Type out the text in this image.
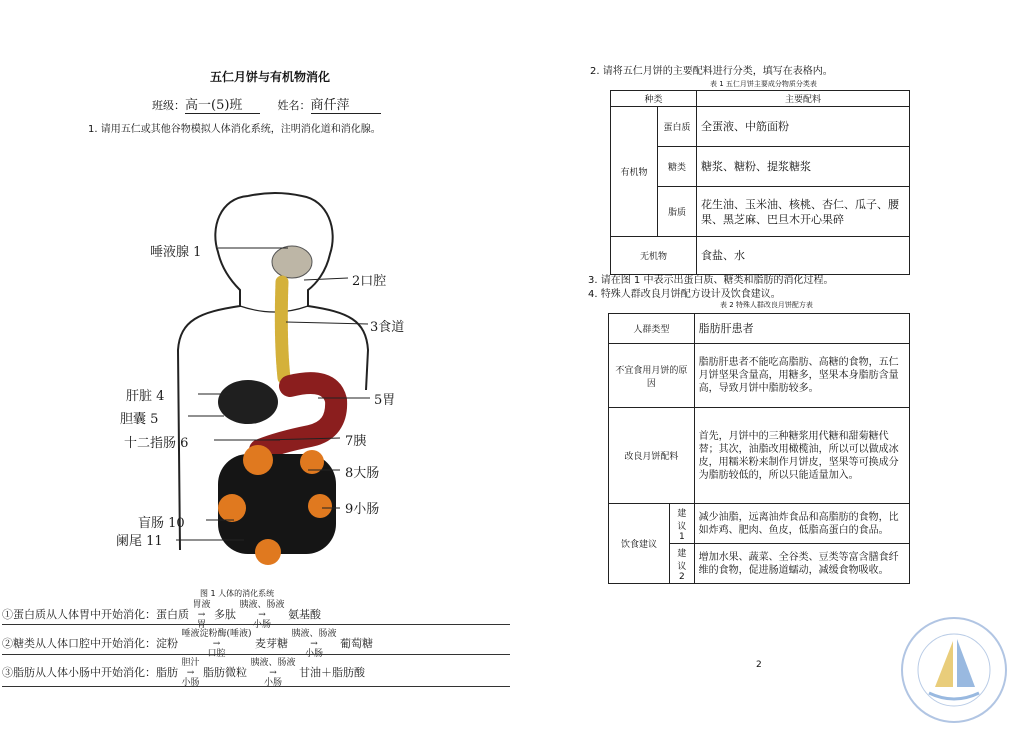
五仁月饼与有机物消化
班级：高一(5)班	姓名：商仟萍
1. 请用五仁或其他谷物模拟人体消化系统，注明消化道和消化腺。
唾液腺 1
2口腔
3食道
肝脏 4
胆囊 5
十二指肠 6
5胃
7胰
8大肠
9小肠
盲肠 10
阑尾 11
图 1 人体的消化系统
①蛋白质从人体胃中开始消化：蛋白质 胃液
→
胃 多肽 胰液、肠液
→
小肠 氨基酸
②糖类从人体口腔中开始消化：淀粉 唾液淀粉酶(唾液)
→
口腔 麦芽糖 胰液、肠液
→
小肠 葡萄糖
③脂肪从人体小肠中开始消化：脂肪 胆汁
→
小肠 脂肪微粒 胰液、肠液
→
小肠 甘油＋脂肪酸
2. 请将五仁月饼的主要配料进行分类，填写在表格内。
表 1 五仁月饼主要成分物质分类表
种类		主要配料
有机物	蛋白质	全蛋液、中筋面粉
	糖类	糖浆、糖粉、提浆糖浆
	脂质	花生油、玉米油、核桃、杏仁、瓜子、腰果、黑芝麻、巴旦木开心果碎
无机物		食盐、水
3. 请在图 1 中表示出蛋白质、糖类和脂肪的消化过程。
4. 特殊人群改良月饼配方设计及饮食建议。
表 2 特殊人群改良月饼配方表
人群类型		脂肪肝患者
不宜食用月饼的原因		脂肪肝患者不能吃高脂肪、高糖的食物，五仁月饼坚果含量高，用糖多，坚果本身脂肪含量高，导致月饼中脂肪较多。
改良月饼配料		首先，月饼中的三种糖浆用代糖和甜菊糖代替；其次，油脂改用橄榄油，所以可以做成冰皮，用糯米粉来制作月饼皮，坚果等可换成分为脂肪较低的，所以只能适量加入。
饮食建议	建议 1	减少油脂，远离油炸食品和高脂肪的食物，比如炸鸡、肥肉、鱼皮，低脂高蛋白的食品。
	建议 2	增加水果、蔬菜、全谷类、豆类等富含膳食纤维的食物，促进肠道蠕动，减缓食物吸收。
2
